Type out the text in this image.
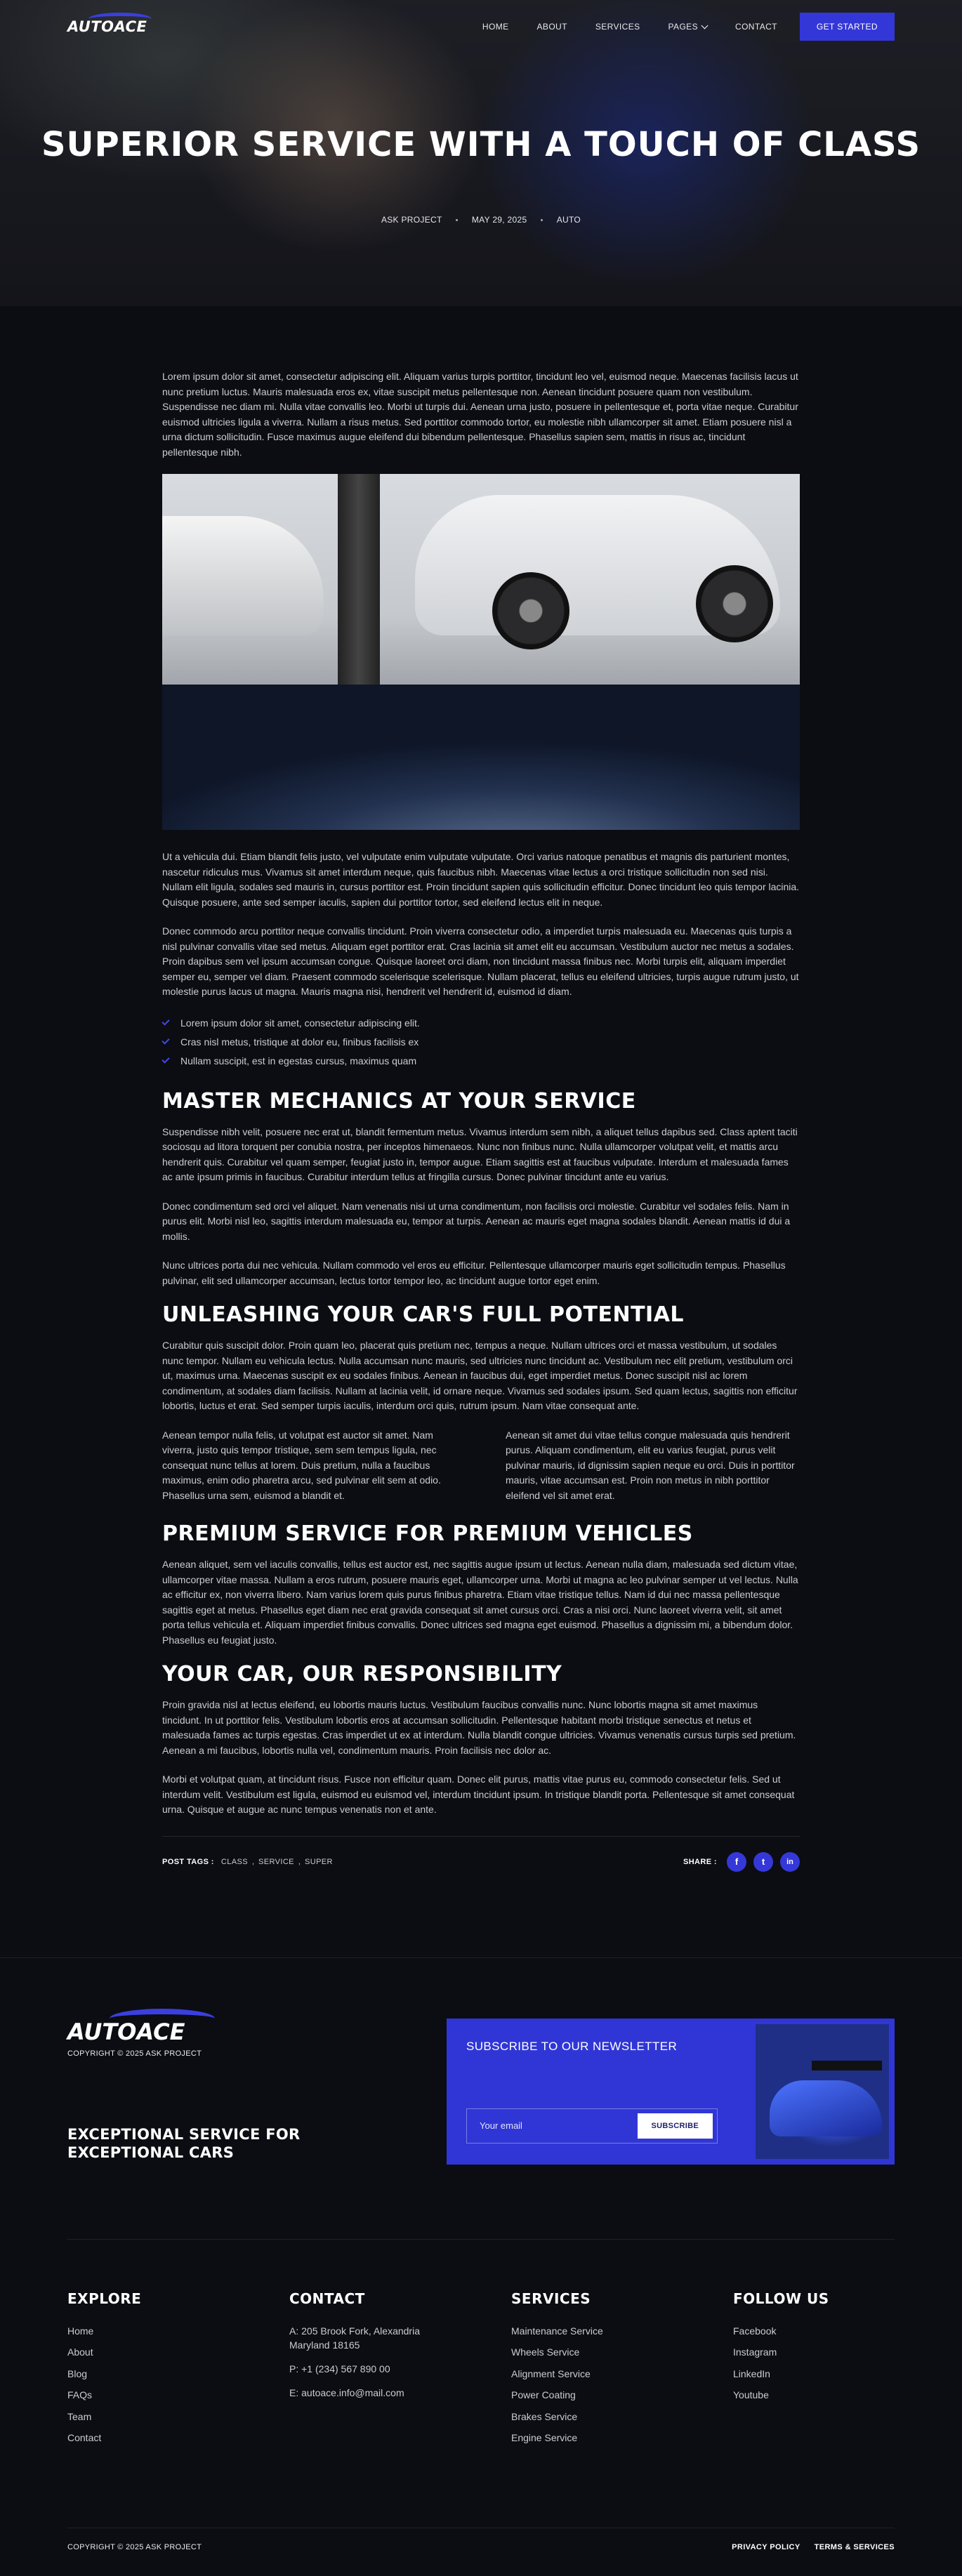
AUTOACE	HOME	ABOUT	SERVICES	PAGES	CONTACT	GET STARTED
SUPERIOR SERVICE WITH A TOUCH OF CLASS
ASK PROJECT	MAY 29, 2025	AUTO

Lorem ipsum dolor sit amet, consectetur adipiscing elit. Aliquam varius turpis porttitor, tincidunt leo vel, euismod neque. Maecenas facilisis lacus ut nunc pretium luctus. Mauris malesuada eros ex, vitae suscipit metus pellentesque non. Aenean tincidunt posuere quam non vestibulum. Suspendisse nec diam mi. Nulla vitae convallis leo. Morbi ut turpis dui. Aenean urna justo, posuere in pellentesque et, porta vitae neque. Curabitur euismod ultricies ligula a viverra. Nullam a risus metus. Sed porttitor commodo tortor, eu molestie nibh ullamcorper sit amet. Etiam posuere nisl a urna dictum sollicitudin. Fusce maximus augue eleifend dui bibendum pellentesque. Phasellus sapien sem, mattis in risus ac, tincidunt pellentesque nibh.

Ut a vehicula dui. Etiam blandit felis justo, vel vulputate enim vulputate vulputate. Orci varius natoque penatibus et magnis dis parturient montes, nascetur ridiculus mus. Vivamus sit amet interdum neque, quis faucibus nibh. Maecenas vitae lectus a orci tristique sollicitudin non sed nisi. Nullam elit ligula, sodales sed mauris in, cursus porttitor est. Proin tincidunt sapien quis sollicitudin efficitur. Donec tincidunt leo quis tempor lacinia. Quisque posuere, ante sed semper iaculis, sapien dui porttitor tortor, sed eleifend lectus elit in neque.

Donec commodo arcu porttitor neque convallis tincidunt. Proin viverra consectetur odio, a imperdiet turpis malesuada eu. Maecenas quis turpis a nisl pulvinar convallis vitae sed metus. Aliquam eget porttitor erat. Cras lacinia sit amet elit eu accumsan. Vestibulum auctor nec metus a sodales. Proin dapibus sem vel ipsum accumsan congue. Quisque laoreet orci diam, non tincidunt massa finibus nec. Morbi turpis elit, aliquam imperdiet semper eu, semper vel diam. Praesent commodo scelerisque scelerisque. Nullam placerat, tellus eu eleifend ultricies, turpis augue rutrum justo, ut molestie purus lacus ut magna. Mauris magna nisi, hendrerit vel hendrerit id, euismod id diam.

Lorem ipsum dolor sit amet, consectetur adipiscing elit.
Cras nisl metus, tristique at dolor eu, finibus facilisis ex
Nullam suscipit, est in egestas cursus, maximus quam
MASTER MECHANICS AT YOUR SERVICE

Suspendisse nibh velit, posuere nec erat ut, blandit fermentum metus. Vivamus interdum sem nibh, a aliquet tellus dapibus sed. Class aptent taciti sociosqu ad litora torquent per conubia nostra, per inceptos himenaeos. Nunc non finibus nunc. Nulla ullamcorper volutpat velit, et mattis arcu hendrerit quis. Curabitur vel quam semper, feugiat justo in, tempor augue. Etiam sagittis est at faucibus vulputate. Interdum et malesuada fames ac ante ipsum primis in faucibus. Curabitur interdum tellus at fringilla cursus. Donec pulvinar tincidunt ante eu varius.

Donec condimentum sed orci vel aliquet. Nam venenatis nisi ut urna condimentum, non facilisis orci molestie. Curabitur vel sodales felis. Nam in purus elit. Morbi nisl leo, sagittis interdum malesuada eu, tempor at turpis. Aenean ac mauris eget magna sodales blandit. Aenean mattis id dui a mollis.

Nunc ultrices porta dui nec vehicula. Nullam commodo vel eros eu efficitur. Pellentesque ullamcorper mauris eget sollicitudin tempus. Phasellus pulvinar, elit sed ullamcorper accumsan, lectus tortor tempor leo, ac tincidunt augue tortor eget enim.

UNLEASHING YOUR CAR'S FULL POTENTIAL

Curabitur quis suscipit dolor. Proin quam leo, placerat quis pretium nec, tempus a neque. Nullam ultrices orci et massa vestibulum, ut sodales nunc tempor. Nullam eu vehicula lectus. Nulla accumsan nunc mauris, sed ultricies nunc tincidunt ac. Vestibulum nec elit pretium, vestibulum orci ut, maximus urna. Maecenas suscipit ex eu sodales finibus. Aenean in faucibus dui, eget imperdiet metus. Donec suscipit nisl ac lorem condimentum, at sodales diam facilisis. Nullam at lacinia velit, id ornare neque. Vivamus sed sodales ipsum. Sed quam lectus, sagittis non efficitur lobortis, luctus et erat. Sed semper turpis iaculis, interdum orci quis, rutrum ipsum. Nam vitae consequat ante.

Aenean tempor nulla felis, ut volutpat est auctor sit amet. Nam viverra, justo quis tempor tristique, sem sem tempus ligula, nec consequat nunc tellus at lorem. Duis pretium, nulla a faucibus maximus, enim odio pharetra arcu, sed pulvinar elit sem at odio. Phasellus urna sem, euismod a blandit et.

Aenean sit amet dui vitae tellus congue malesuada quis hendrerit purus. Aliquam condimentum, elit eu varius feugiat, purus velit pulvinar mauris, id dignissim sapien neque eu orci. Duis in porttitor mauris, vitae accumsan est. Proin non metus in nibh porttitor eleifend vel sit amet erat.

PREMIUM SERVICE FOR PREMIUM VEHICLES

Aenean aliquet, sem vel iaculis convallis, tellus est auctor est, nec sagittis augue ipsum ut lectus. Aenean nulla diam, malesuada sed dictum vitae, ullamcorper vitae massa. Nullam a eros rutrum, posuere mauris eget, ullamcorper urna. Morbi ut magna ac leo pulvinar semper ut vel lectus. Nulla ac efficitur ex, non viverra libero. Nam varius lorem quis purus finibus pharetra. Etiam vitae tristique tellus. Nam id dui nec massa pellentesque sagittis eget at metus. Phasellus eget diam nec erat gravida consequat sit amet cursus orci. Cras a nisi orci. Nunc laoreet viverra velit, sit amet porta tellus vehicula et. Aliquam imperdiet finibus convallis. Donec ultrices sed magna eget euismod. Phasellus a dignissim mi, a bibendum dolor. Phasellus eu feugiat justo.

YOUR CAR, OUR RESPONSIBILITY

Proin gravida nisl at lectus eleifend, eu lobortis mauris luctus. Vestibulum faucibus convallis nunc. Nunc lobortis magna sit amet maximus tincidunt. In ut porttitor felis. Vestibulum lobortis eros at accumsan sollicitudin. Pellentesque habitant morbi tristique senectus et netus et malesuada fames ac turpis egestas. Cras imperdiet ut ex at interdum. Nulla blandit congue ultricies. Vivamus venenatis cursus turpis sed pretium. Aenean a mi faucibus, lobortis nulla vel, condimentum mauris. Proin facilisis nec dolor ac.

Morbi et volutpat quam, at tincidunt risus. Fusce non efficitur quam. Donec elit purus, mattis vitae purus eu, commodo consectetur felis. Sed ut interdum velit. Vestibulum est ligula, euismod eu euismod vel, interdum tincidunt ipsum. In tristique blandit porta. Pellentesque sit amet consequat urna. Quisque et augue ac nunc tempus venenatis non et ante.

POST TAGS : CLASS , SERVICE , SUPER	SHARE :	f	t	in
AUTOACE
COPYRIGHT © 2025 ASK PROJECT
EXCEPTIONAL SERVICE FOR EXCEPTIONAL CARS
SUBSCRIBE TO OUR NEWSLETTER
Your email
SUBSCRIBE
EXPLORE
Home
About
Blog
FAQs
Team
Contact
CONTACT
A: 205 Brook Fork, Alexandria Maryland 18165
P: +1 (234) 567 890 00
E: autoace.info@mail.com
SERVICES
Maintenance Service
Wheels Service
Alignment Service
Power Coating
Brakes Service
Engine Service
FOLLOW US
Facebook
Instagram
LinkedIn
Youtube
COPYRIGHT © 2025 ASK PROJECT	PRIVACY POLICY TERMS & SERVICES
